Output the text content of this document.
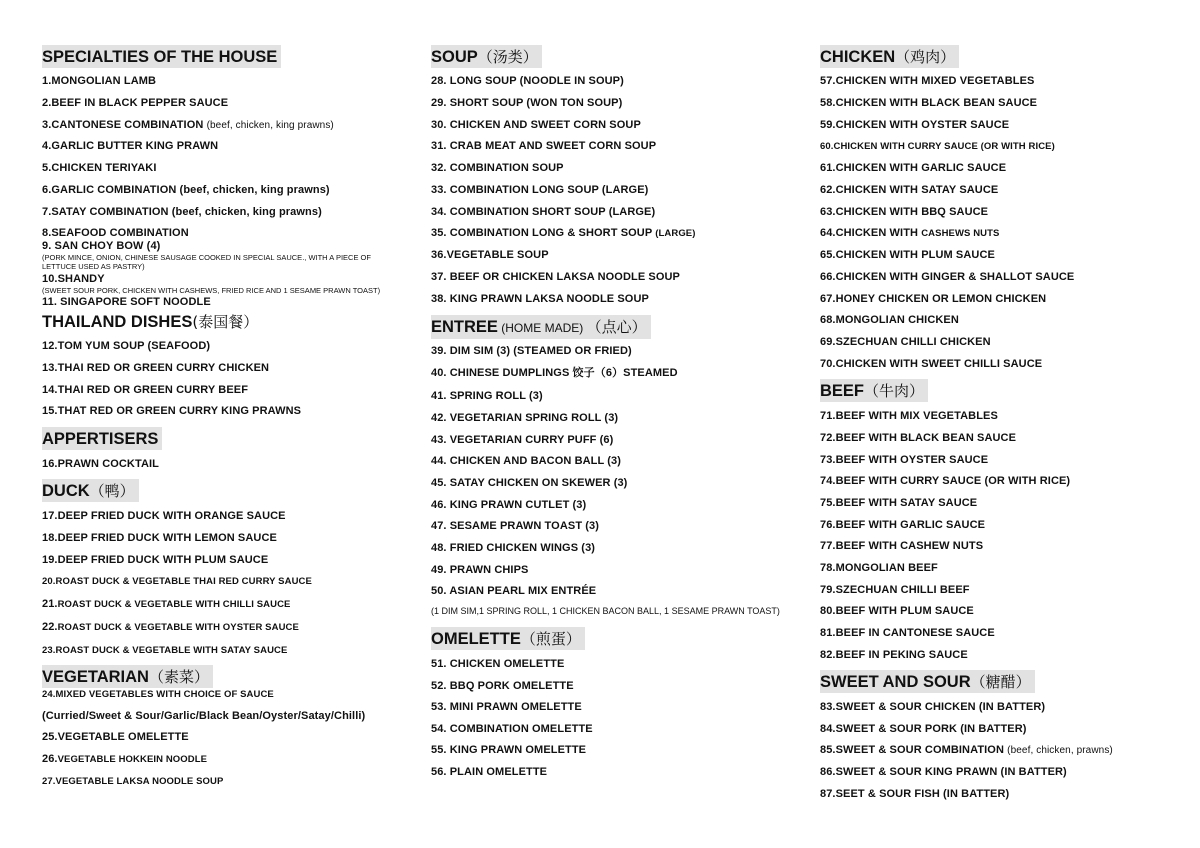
SPECIALTIES OF THE HOUSE
1.MONGOLIAN LAMB
2.BEEF IN BLACK PEPPER SAUCE
3.CANTONESE COMBINATION (beef, chicken, king prawns)
4.GARLIC BUTTER KING PRAWN
5.CHICKEN TERIYAKI
6.GARLIC COMBINATION (beef, chicken, king prawns)
7.SATAY COMBINATION (beef, chicken, king prawns)
8.SEAFOOD COMBINATION
9. SAN CHOY BOW (4)
(PORK MINCE, ONION, CHINESE SAUSAGE COOKED IN SPECIAL SAUCE., WITH A PIECE OF
LETTUCE USED AS PASTRY)
10.SHANDY
(SWEET SOUR PORK, CHICKEN WITH CASHEWS, FRIED RICE AND 1 SESAME PRAWN TOAST)
11. SINGAPORE SOFT NOODLE
THAILAND DISHES(泰国餐）
12.TOM YUM SOUP (SEAFOOD)
13.THAI RED OR GREEN CURRY CHICKEN
14.THAI RED OR GREEN CURRY BEEF
15.THAT RED OR GREEN CURRY KING PRAWNS
APPERTISERS
16.PRAWN COCKTAIL
DUCK（鸭）
17.DEEP FRIED DUCK WITH ORANGE SAUCE
18.DEEP FRIED DUCK WITH LEMON SAUCE
19.DEEP FRIED DUCK WITH PLUM SAUCE
20.ROAST DUCK & VEGETABLE THAI RED CURRY SAUCE
21.ROAST DUCK & VEGETABLE WITH CHILLI SAUCE
22.ROAST DUCK & VEGETABLE WITH OYSTER SAUCE
23.ROAST DUCK & VEGETABLE WITH SATAY SAUCE
VEGETARIAN（素菜）
24.MIXED VEGETABLES WITH CHOICE OF SAUCE
(Curried/Sweet & Sour/Garlic/Black Bean/Oyster/Satay/Chilli)
25.VEGETABLE OMELETTE
26.VEGETABLE HOKKEIN NOODLE
27.VEGETABLE LAKSA NOODLE SOUP
SOUP（汤类）
28. LONG SOUP (NOODLE IN SOUP)
29. SHORT SOUP (WON TON SOUP)
30. CHICKEN AND SWEET CORN SOUP
31. CRAB MEAT AND SWEET CORN SOUP
32. COMBINATION SOUP
33. COMBINATION LONG SOUP (LARGE)
34. COMBINATION SHORT SOUP (LARGE)
35. COMBINATION LONG & SHORT SOUP (LARGE)
36.VEGETABLE SOUP
37. BEEF OR CHICKEN LAKSA NOODLE SOUP
38. KING PRAWN LAKSA NOODLE SOUP
ENTREE (HOME MADE) （点心）
39. DIM SIM (3) (STEAMED OR FRIED)
40. CHINESE DUMPLINGS 饺子（6）STEAMED
41. SPRING ROLL (3)
42. VEGETARIAN SPRING ROLL (3)
43. VEGETARIAN CURRY PUFF (6)
44. CHICKEN AND BACON BALL (3)
45. SATAY CHICKEN ON SKEWER (3)
46. KING PRAWN CUTLET (3)
47. SESAME PRAWN TOAST (3)
48. FRIED CHICKEN WINGS (3)
49. PRAWN CHIPS
50. ASIAN PEARL MIX ENTRÉE
(1 DIM SIM,1 SPRING ROLL, 1 CHICKEN BACON BALL, 1 SESAME PRAWN TOAST)
OMELETTE（煎蛋）
51. CHICKEN OMELETTE
52. BBQ PORK OMELETTE
53. MINI PRAWN OMELETTE
54. COMBINATION OMELETTE
55. KING PRAWN OMELETTE
56. PLAIN OMELETTE
CHICKEN（鸡肉）
57.CHICKEN WITH MIXED VEGETABLES
58.CHICKEN WITH BLACK BEAN SAUCE
59.CHICKEN WITH OYSTER SAUCE
60.CHICKEN WITH CURRY SAUCE (OR WITH RICE)
61.CHICKEN WITH GARLIC SAUCE
62.CHICKEN WITH SATAY SAUCE
63.CHICKEN WITH BBQ SAUCE
64.CHICKEN WITH CASHEWS NUTS
65.CHICKEN WITH PLUM SAUCE
66.CHICKEN WITH GINGER & SHALLOT SAUCE
67.HONEY CHICKEN OR LEMON CHICKEN
68.MONGOLIAN CHICKEN
69.SZECHUAN CHILLI CHICKEN
70.CHICKEN WITH SWEET CHILLI SAUCE
BEEF（牛肉）
71.BEEF WITH MIX VEGETABLES
72.BEEF WITH BLACK BEAN SAUCE
73.BEEF WITH OYSTER SAUCE
74.BEEF WITH CURRY SAUCE (OR WITH RICE)
75.BEEF WITH SATAY SAUCE
76.BEEF WITH GARLIC SAUCE
77.BEEF WITH CASHEW NUTS
78.MONGOLIAN BEEF
79.SZECHUAN CHILLI BEEF
80.BEEF WITH PLUM SAUCE
81.BEEF IN CANTONESE SAUCE
82.BEEF IN PEKING SAUCE
SWEET AND SOUR（糖醋）
83.SWEET & SOUR CHICKEN (IN BATTER)
84.SWEET & SOUR PORK (IN BATTER)
85.SWEET & SOUR COMBINATION (beef, chicken, prawns)
86.SWEET & SOUR KING PRAWN (IN BATTER)
87.SEET & SOUR FISH (IN BATTER)
